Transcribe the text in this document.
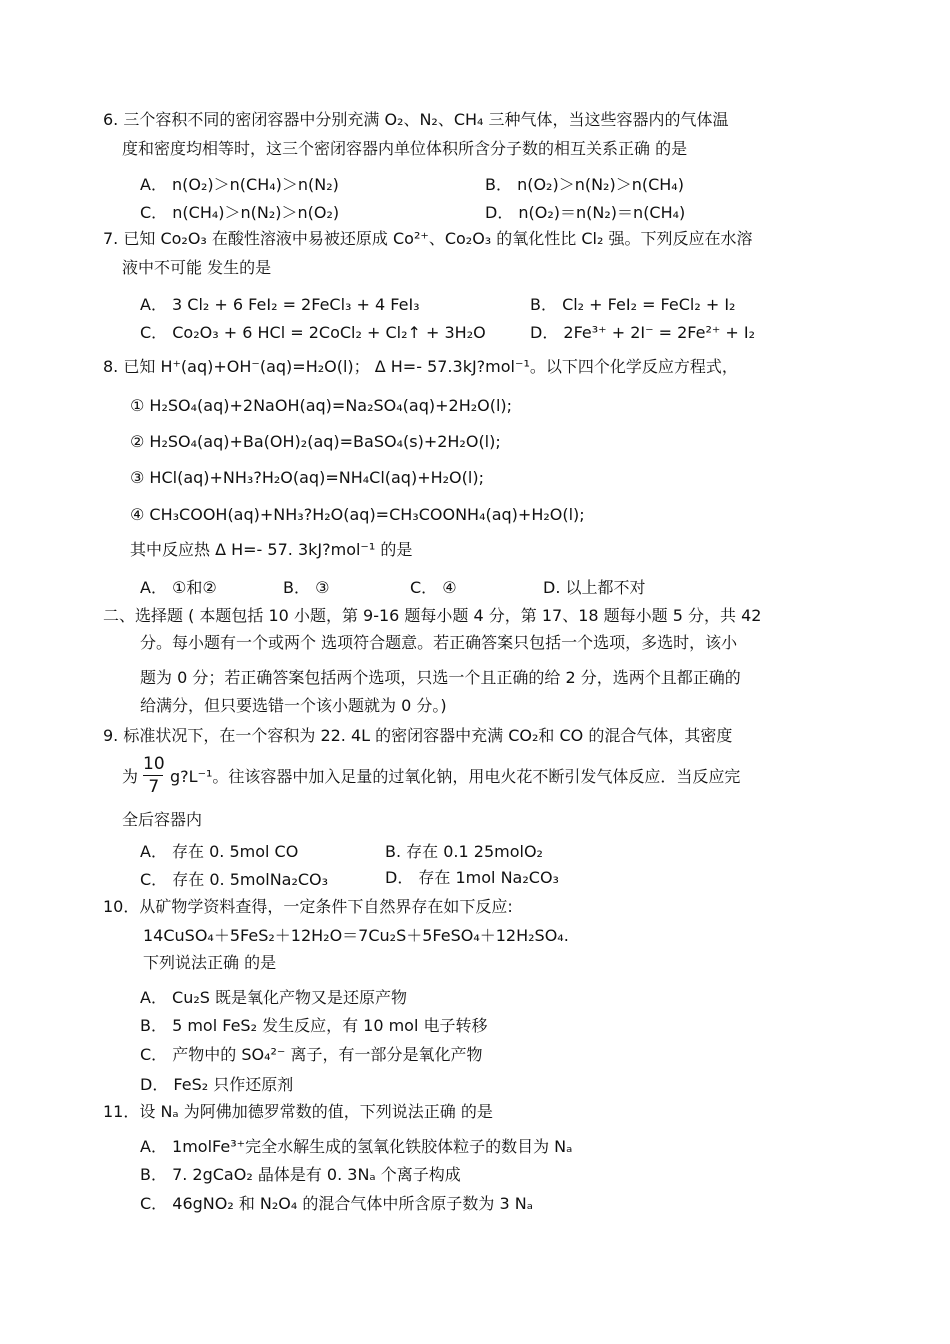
6. 三个容积不同的密闭容器中分别充满 O₂、N₂、CH₄ 三种气体，当这些容器内的气体温
度和密度均相等时，这三个密闭容器内单位体积所含分子数的相互关系正确 的是
A． n(O₂)＞n(CH₄)＞n(N₂)	B． n(O₂)＞n(N₂)＞n(CH₄)
C． n(CH₄)＞n(N₂)＞n(O₂)	D． n(O₂)＝n(N₂)＝n(CH₄)
7. 已知 Co₂O₃ 在酸性溶液中易被还原成 Co²⁺、Co₂O₃ 的氧化性比 Cl₂ 强。下列反应在水溶
液中不可能 发生的是
A． 3 Cl₂ + 6 FeI₂ = 2FeCl₃ + 4 FeI₃	B． Cl₂ + FeI₂ = FeCl₂ + I₂
C． Co₂O₃ + 6 HCl = 2CoCl₂ + Cl₂↑ + 3H₂O	D． 2Fe³⁺ + 2I⁻ = 2Fe²⁺ + I₂
8. 已知 H⁺(aq)+OH⁻(aq)=H₂O(l)； Δ H=- 57.3kJ?mol⁻¹。以下四个化学反应方程式，
① H₂SO₄(aq)+2NaOH(aq)=Na₂SO₄(aq)+2H₂O(l);
② H₂SO₄(aq)+Ba(OH)₂(aq)=BaSO₄(s)+2H₂O(l);
③ HCl(aq)+NH₃?H₂O(aq)=NH₄Cl(aq)+H₂O(l);
④ CH₃COOH(aq)+NH₃?H₂O(aq)=CH₃COONH₄(aq)+H₂O(l);
其中反应热 Δ H=- 57. 3kJ?mol⁻¹ 的是
A． ①和②	B． ③	C． ④	D. 以上都不对
二、选择题 ( 本题包括 10 小题，第 9-16 题每小题 4 分，第 17、18 题每小题 5 分，共 42
分。每小题有一个或两个 选项符合题意。若正确答案只包括一个选项，多选时，该小
题为 0 分；若正确答案包括两个选项，只选一个且正确的给 2 分，选两个且都正确的
给满分，但只要选错一个该小题就为 0 分。)
9. 标准状况下，在一个容积为 22. 4L 的密闭容器中充满 CO₂和 CO 的混合气体，其密度
为
10
7
g?L⁻¹。往该容器中加入足量的过氧化钠，用电火花不断引发气体反应．当反应完
全后容器内
A． 存在 0. 5mol CO	B. 存在 0.1 25molO₂
C． 存在 0. 5molNa₂CO₃	D． 存在 1mol Na₂CO₃
10．从矿物学资料查得，一定条件下自然界存在如下反应:
14CuSO₄＋5FeS₂＋12H₂O＝7Cu₂S＋5FeSO₄＋12H₂SO₄.
下列说法正确 的是
A． Cu₂S 既是氧化产物又是还原产物
B． 5 mol FeS₂ 发生反应，有 10 mol 电子转移
C． 产物中的 SO₄²⁻ 离子，有一部分是氧化产物
D． FeS₂ 只作还原剂
11．设 Nₐ 为阿佛加德罗常数的值，下列说法正确 的是
A． 1molFe³⁺完全水解生成的氢氧化铁胶体粒子的数目为 Nₐ
B． 7. 2gCaO₂ 晶体是有 0. 3Nₐ 个离子构成
C． 46gNO₂ 和 N₂O₄ 的混合气体中所含原子数为 3 Nₐ
